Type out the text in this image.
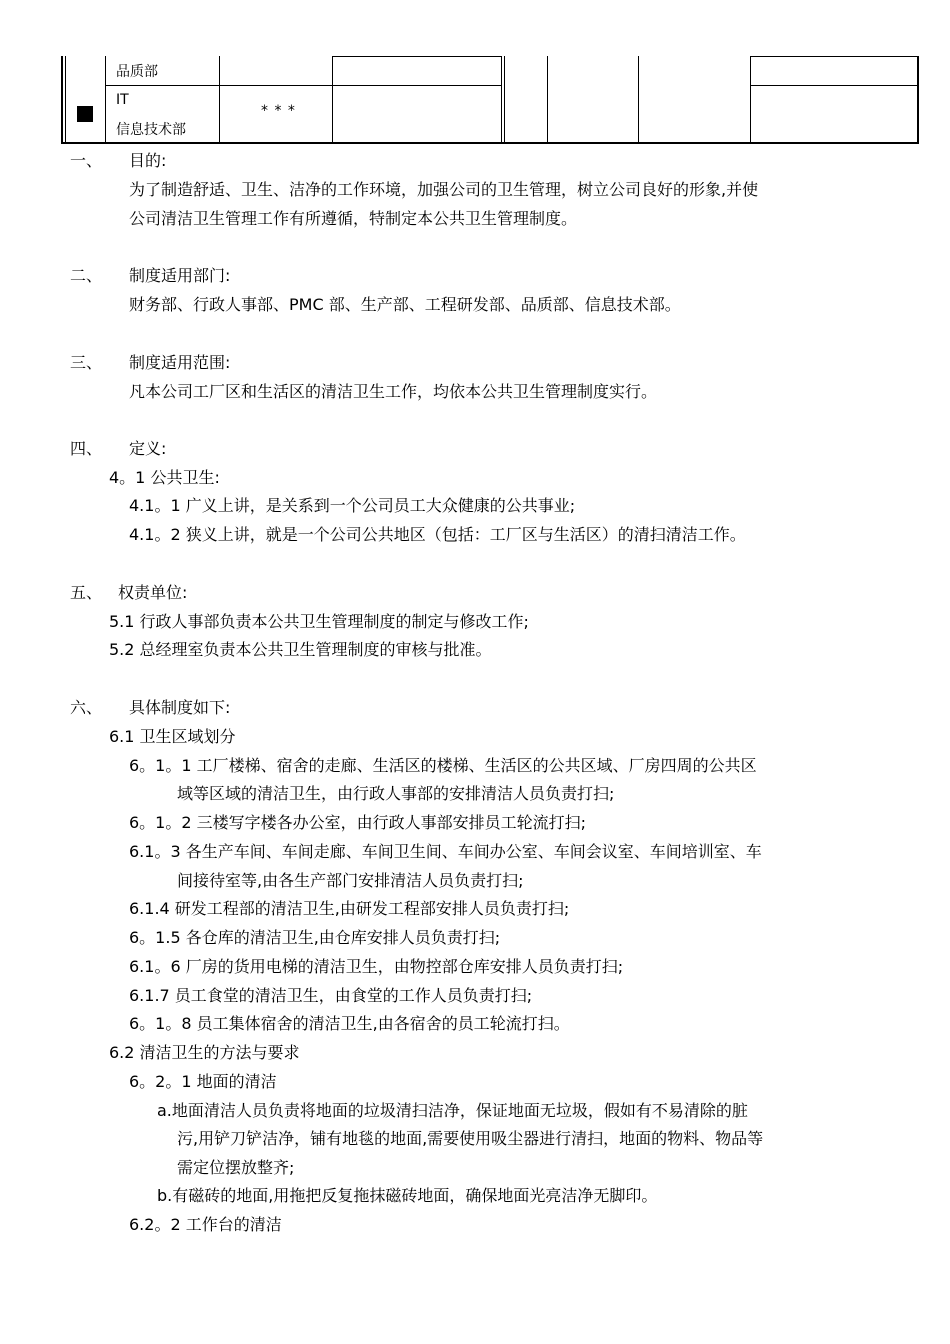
品质部
IT
信息技术部
* * *
一、 目的:
为了制造舒适、卫生、洁净的工作环境，加强公司的卫生管理，树立公司良好的形象,并使
公司清洁卫生管理工作有所遵循，特制定本公共卫生管理制度。
二、 制度适用部门:
财务部、行政人事部、PMC 部、生产部、工程研发部、品质部、信息技术部。
三、 制度适用范围:
凡本公司工厂区和生活区的清洁卫生工作，均依本公共卫生管理制度实行。
四、 定义:
4。1 公共卫生:
4.1。1 广义上讲，是关系到一个公司员工大众健康的公共事业;
4.1。2 狭义上讲，就是一个公司公共地区（包括：工厂区与生活区）的清扫清洁工作。
五、 权责单位:
5.1 行政人事部负责本公共卫生管理制度的制定与修改工作;
5.2 总经理室负责本公共卫生管理制度的审核与批准。
六、 具体制度如下:
6.1 卫生区域划分
6。1。1 工厂楼梯、宿舍的走廊、生活区的楼梯、生活区的公共区域、厂房四周的公共区
域等区域的清洁卫生，由行政人事部的安排清洁人员负责打扫;
6。1。2 三楼写字楼各办公室，由行政人事部安排员工轮流打扫;
6.1。3 各生产车间、车间走廊、车间卫生间、车间办公室、车间会议室、车间培训室、车
间接待室等,由各生产部门安排清洁人员负责打扫;
6.1.4 研发工程部的清洁卫生,由研发工程部安排人员负责打扫;
6。1.5 各仓库的清洁卫生,由仓库安排人员负责打扫;
6.1。6 厂房的货用电梯的清洁卫生，由物控部仓库安排人员负责打扫;
6.1.7 员工食堂的清洁卫生，由食堂的工作人员负责打扫;
6。1。8 员工集体宿舍的清洁卫生,由各宿舍的员工轮流打扫。
6.2 清洁卫生的方法与要求
6。2。1 地面的清洁
a.地面清洁人员负责将地面的垃圾清扫洁净，保证地面无垃圾，假如有不易清除的脏
污,用铲刀铲洁净，铺有地毯的地面,需要使用吸尘器进行清扫，地面的物料、物品等
需定位摆放整齐;
b.有磁砖的地面,用拖把反复拖抹磁砖地面，确保地面光亮洁净无脚印。
6.2。2 工作台的清洁
